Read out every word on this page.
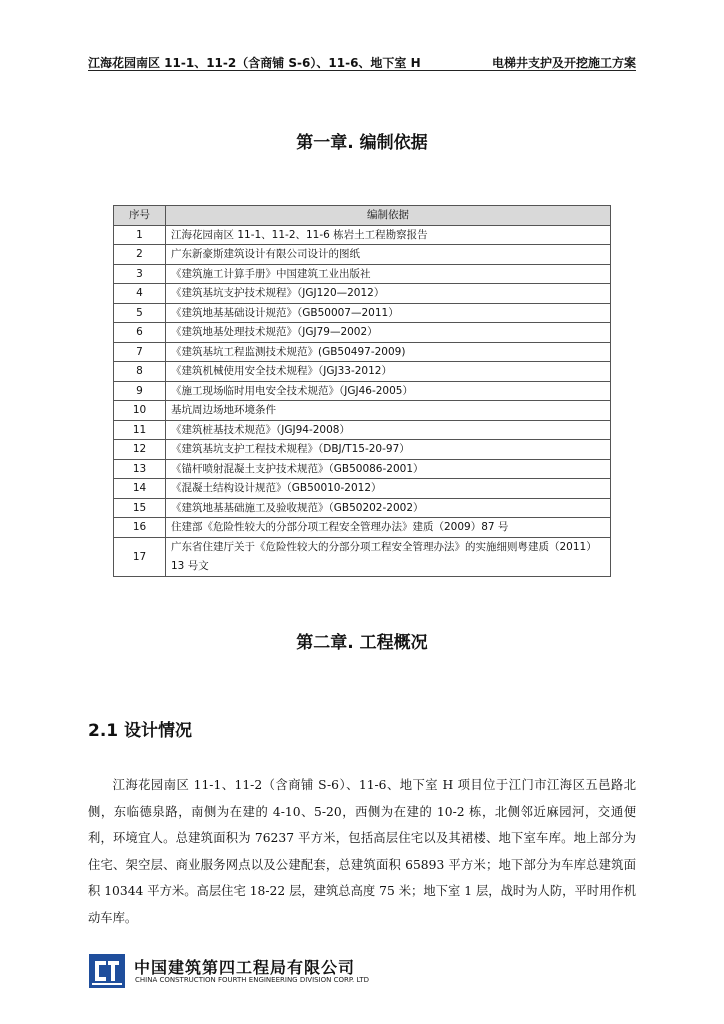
江海花园南区 11-1、11-2（含商铺 S-6）、11-6、地下室 H	电梯井支护及开挖施工方案
第一章. 编制依据
序号	编制依据
1	江海花园南区 11-1、11-2、11-6 栋岩土工程勘察报告
2	广东新豪斯建筑设计有限公司设计的图纸
3	《建筑施工计算手册》中国建筑工业出版社
4	《建筑基坑支护技术规程》（JGJ120—2012）
5	《建筑地基基础设计规范》（GB50007—2011）
6	《建筑地基处理技术规范》（JGJ79—2002）
7	《建筑基坑工程监测技术规范》(GB50497-2009)
8	《建筑机械使用安全技术规程》（JGJ33-2012）
9	《施工现场临时用电安全技术规范》（JGJ46-2005）
10	基坑周边场地环境条件
11	《建筑桩基技术规范》（JGJ94-2008）
12	《建筑基坑支护工程技术规程》（DBJ/T15-20-97）
13	《锚杆喷射混凝土支护技术规范》（GB50086-2001）
14	《混凝土结构设计规范》（GB50010-2012）
15	《建筑地基基础施工及验收规范》（GB50202-2002）
16	住建部《危险性较大的分部分项工程安全管理办法》建质（2009）87 号
17	广东省住建厅关于《危险性较大的分部分项工程安全管理办法》的实施细则粤建质（2011）13 号文
第二章. 工程概况
2.1 设计情况
江海花园南区 11-1、11-2（含商铺 S-6）、11-6、地下室 H 项目位于江门市江海区五邑路北侧，东临德泉路，南侧为在建的 4-10、5-20，西侧为在建的 10-2 栋，北侧邻近麻园河，交通便利，环境宜人。总建筑面积为 76237 平方米，包括高层住宅以及其裙楼、地下室车库。地上部分为住宅、架空层、商业服务网点以及公建配套，总建筑面积 65893 平方米；地下部分为车库总建筑面积 10344 平方米。高层住宅 18-22 层，建筑总高度 75 米；地下室 1 层，战时为人防，平时用作机动车库。
中国建筑第四工程局有限公司
CHINA CONSTRUCTION FOURTH ENGINEERING DIVISION CORP. LTD
